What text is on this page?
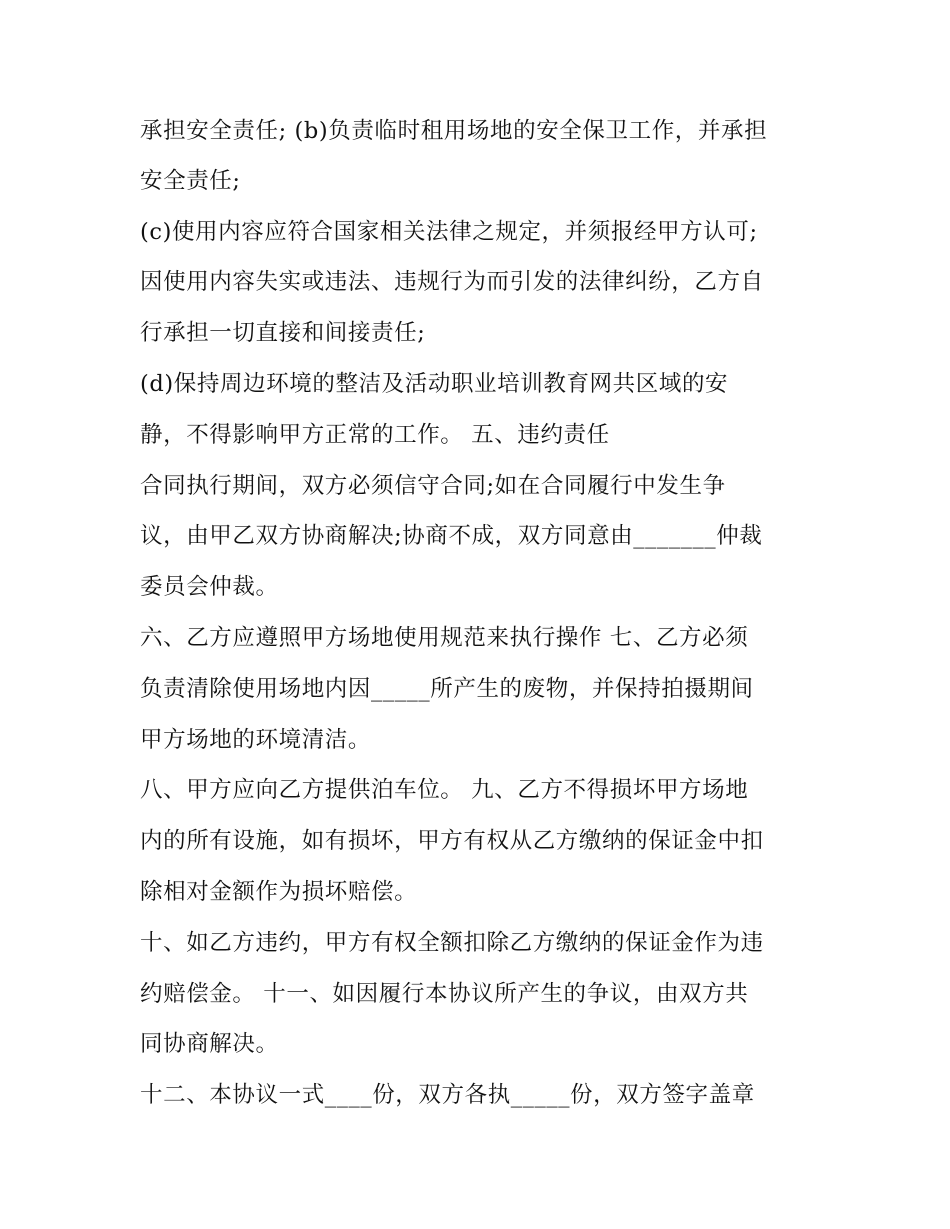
承担安全责任; (b)负责临时租用场地的安全保卫工作，并承担
安全责任;
(c)使用内容应符合国家相关法律之规定，并须报经甲方认可;
因使用内容失实或违法、违规行为而引发的法律纠纷，乙方自
行承担一切直接和间接责任;
(d)保持周边环境的整洁及活动职业培训教育网共区域的安
静，不得影响甲方正常的工作。 五、违约责任
合同执行期间，双方必须信守合同;如在合同履行中发生争
议，由甲乙双方协商解决;协商不成，双方同意由_______仲裁
委员会仲裁。
六、乙方应遵照甲方场地使用规范来执行操作 七、乙方必须
负责清除使用场地内因_____所产生的废物，并保持拍摄期间
甲方场地的环境清洁。
八、甲方应向乙方提供泊车位。 九、乙方不得损坏甲方场地
内的所有设施，如有损坏，甲方有权从乙方缴纳的保证金中扣
除相对金额作为损坏赔偿。
十、如乙方违约，甲方有权全额扣除乙方缴纳的保证金作为违
约赔偿金。 十一、如因履行本协议所产生的争议，由双方共
同协商解决。
十二、本协议一式____份，双方各执_____份，双方签字盖章
